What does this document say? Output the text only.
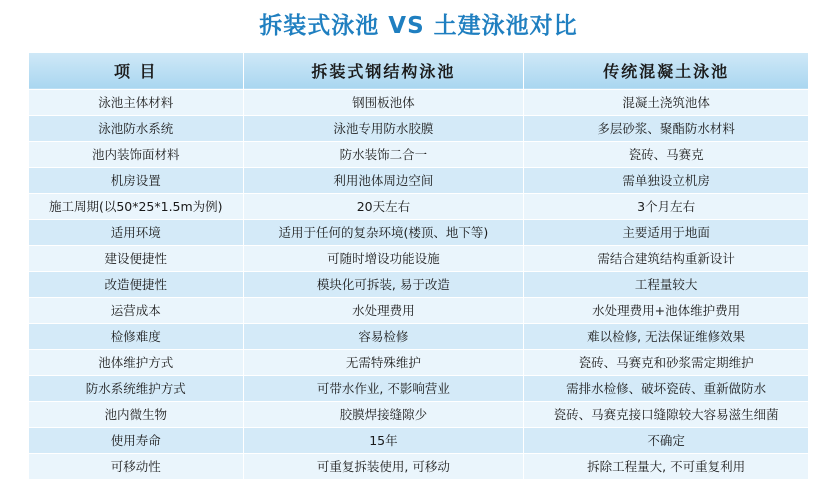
拆装式泳池 VS 土建泳池对比
项 目	拆装式钢结构泳池	传统混凝土泳池
泳池主体材料	钢围板池体	混凝土浇筑池体
泳池防水系统	泳池专用防水胶膜	多层砂浆、聚酯防水材料
池内装饰面材料	防水装饰二合一	瓷砖、马赛克
机房设置	利用池体周边空间	需单独设立机房
施工周期(以50*25*1.5m为例)	20天左右	3个月左右
适用环境	适用于任何的复杂环境(楼顶、地下等)	主要适用于地面
建设便捷性	可随时增设功能设施	需结合建筑结构重新设计
改造便捷性	模块化可拆装, 易于改造	工程量较大
运营成本	水处理费用	水处理费用+池体维护费用
检修难度	容易检修	难以检修, 无法保证维修效果
池体维护方式	无需特殊维护	瓷砖、马赛克和砂浆需定期维护
防水系统维护方式	可带水作业, 不影响营业	需排水检修、破坏瓷砖、重新做防水
池内微生物	胶膜焊接缝隙少	瓷砖、马赛克接口缝隙较大容易滋生细菌
使用寿命	15年	不确定
可移动性	可重复拆装使用, 可移动	拆除工程量大, 不可重复利用
